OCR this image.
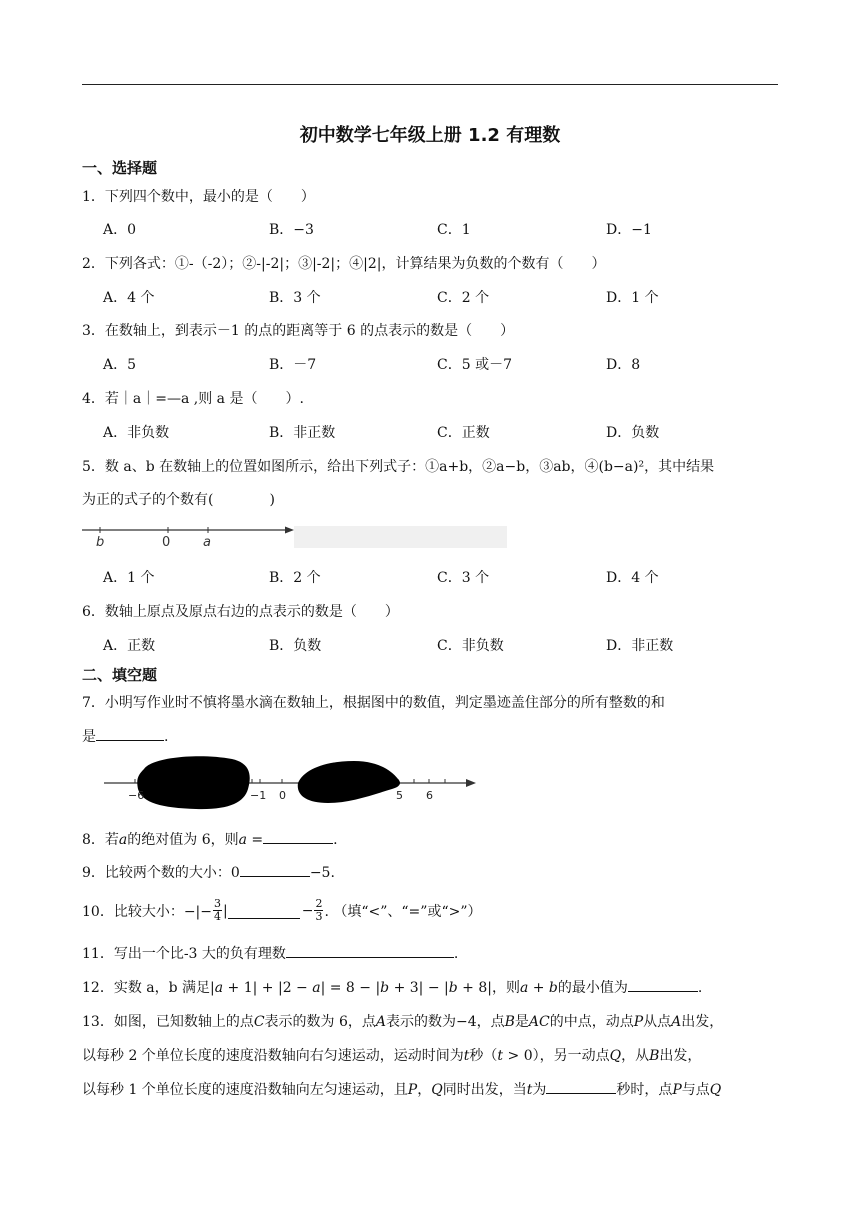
初中数学七年级上册 1.2 有理数
一、选择题
1．下列四个数中，最小的是（　　）
A．0	B．−3	C．1	D．−1
2．下列各式：①-（-2）；②-|-2|；③|-2|；④|2|，计算结果为负数的个数有（　　）
A．4 个	B．3 个	C．2 个	D．1 个
3．在数轴上，到表示－1 的点的距离等于 6 的点表示的数是（　　）
A．5	B．－7	C．5 或－7	D．8
4．若｜a｜=—a ,则 a 是（　　）.
A．非负数	B．非正数	C．正数	D．负数
5．数 a、b 在数轴上的位置如图所示，给出下列式子：①a+b，②a−b，③ab，④(b−a)²，其中结果
为正的式子的个数有(　　　　)
b	0	a
A．1 个	B．2 个	C．3 个	D．4 个
6．数轴上原点及原点右边的点表示的数是（　　）
A．正数	B．负数	C．非负数	D．非正数
二、填空题
7．小明写作业时不慎将墨水滴在数轴上，根据图中的数值，判定墨迹盖住部分的所有整数的和
是	.
−6	−1 0	5 6
8．若𝑎的绝对值为 6，则𝑎 =	.
9．比较两个数的大小：0	−5.
10．比较大小：−|− $\frac{3}{4}$ |	− $\frac{2}{3}$ . （填“<”、“=”或“>”）
11．写出一个比-3 大的负有理数	.
12．实数 a，b 满足|𝑎 + 1| + |2 − 𝑎| = 8 − |𝑏 + 3| − |𝑏 + 8|，则𝑎 + 𝑏的最小值为	.
13．如图，已知数轴上的点𝐶表示的数为 6，点𝐴表示的数为−4，点𝐵是𝐴𝐶的中点，动点𝑃从点𝐴出发，
以每秒 2 个单位长度的速度沿数轴向右匀速运动，运动时间为𝑡秒（𝑡 > 0），另一动点𝑄，从𝐵出发，
以每秒 1 个单位长度的速度沿数轴向左匀速运动，且𝑃，𝑄同时出发，当𝑡为	秒时，点𝑃与点𝑄
